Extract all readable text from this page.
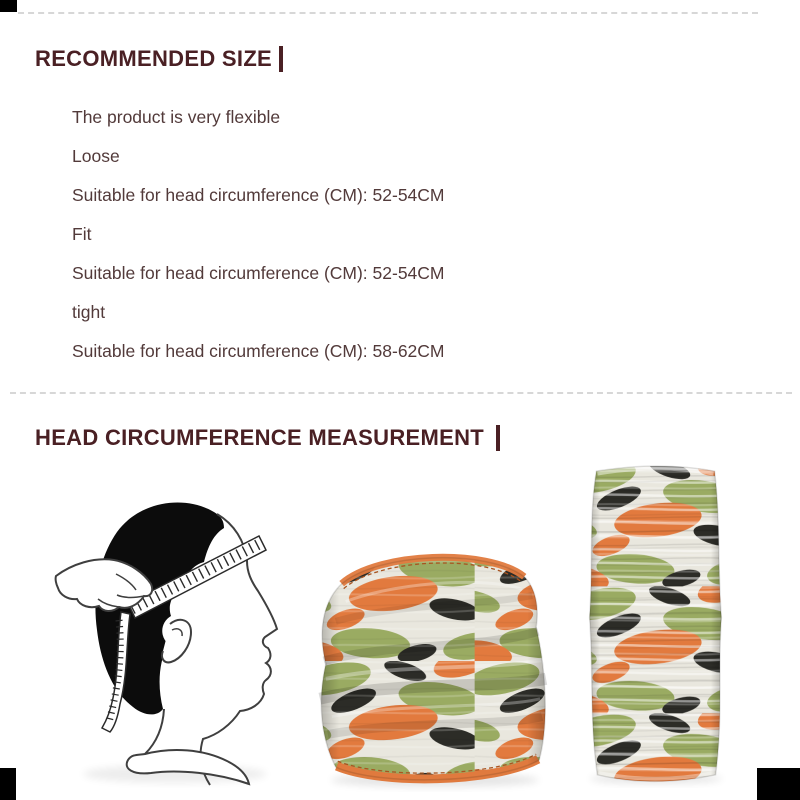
RECOMMENDED SIZE

The product is very flexible

Loose

Suitable for head circumference (CM): 52-54CM

Fit

Suitable for head circumference (CM): 52-54CM

tight

Suitable for head circumference (CM): 58-62CM

HEAD CIRCUMFERENCE MEASUREMENT
